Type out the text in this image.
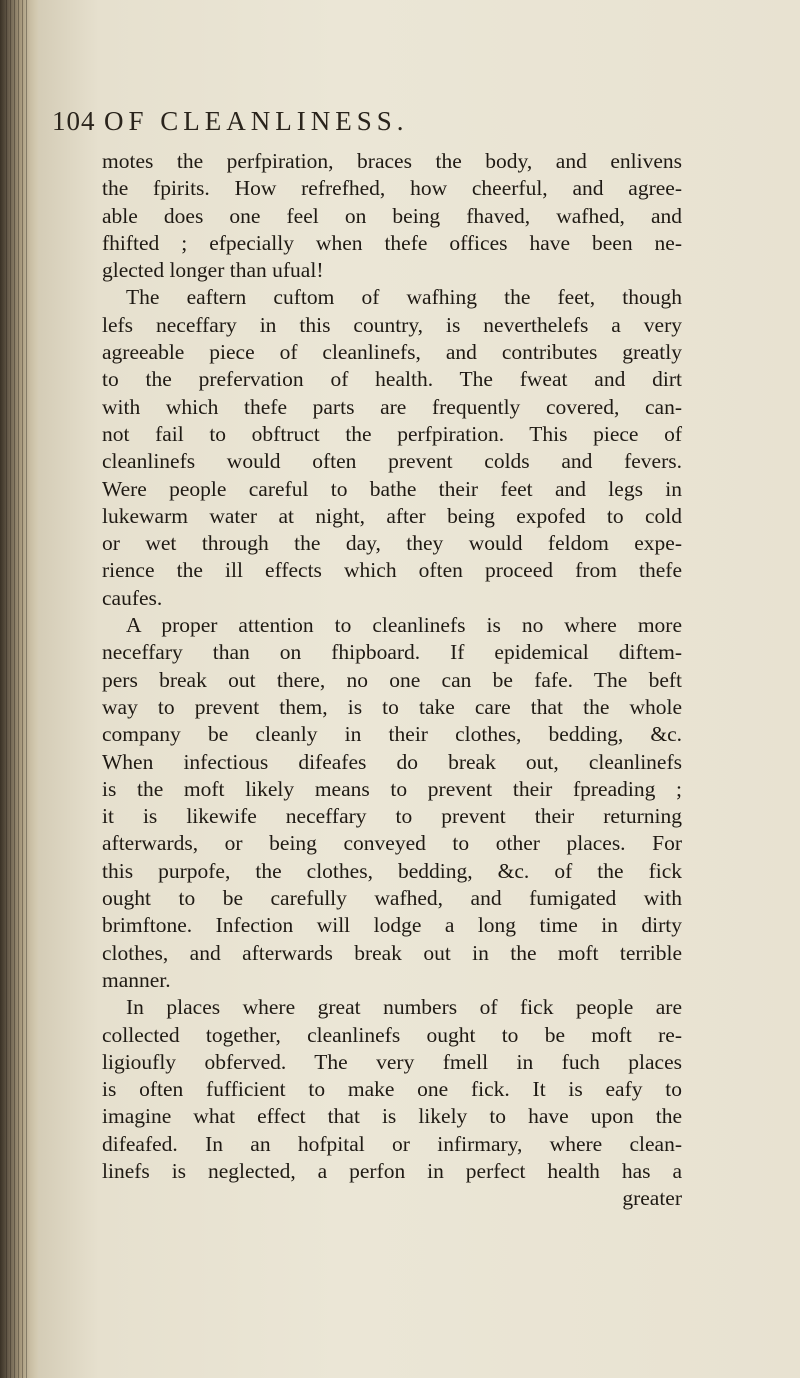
104 OF CLEANLINESS.
motes the perfpiration, braces the body, and enlivens
the fpirits. How refrefhed, how cheerful, and agree-
able does one feel on being fhaved, wafhed, and
fhifted ; efpecially when thefe offices have been ne-
glected longer than ufual!
The eaftern cuftom of wafhing the feet, though
lefs neceffary in this country, is neverthelefs a very
agreeable piece of cleanlinefs, and contributes greatly
to the prefervation of health. The fweat and dirt
with which thefe parts are frequently covered, can-
not fail to obftruct the perfpiration. This piece of
cleanlinefs would often prevent colds and fevers.
Were people careful to bathe their feet and legs in
lukewarm water at night, after being expofed to cold
or wet through the day, they would feldom expe-
rience the ill effects which often proceed from thefe
caufes.
A proper attention to cleanlinefs is no where more
neceffary than on fhipboard. If epidemical diftem-
pers break out there, no one can be fafe. The beft
way to prevent them, is to take care that the whole
company be cleanly in their clothes, bedding, &c.
When infectious difeafes do break out, cleanlinefs
is the moft likely means to prevent their fpreading ;
it is likewife neceffary to prevent their returning
afterwards, or being conveyed to other places. For
this purpofe, the clothes, bedding, &c. of the fick
ought to be carefully wafhed, and fumigated with
brimftone. Infection will lodge a long time in dirty
clothes, and afterwards break out in the moft terrible
manner.
In places where great numbers of fick people are
collected together, cleanlinefs ought to be moft re-
ligioufly obferved. The very fmell in fuch places
is often fufficient to make one fick. It is eafy to
imagine what effect that is likely to have upon the
difeafed. In an hofpital or infirmary, where clean-
linefs is neglected, a perfon in perfect health has a
greater
